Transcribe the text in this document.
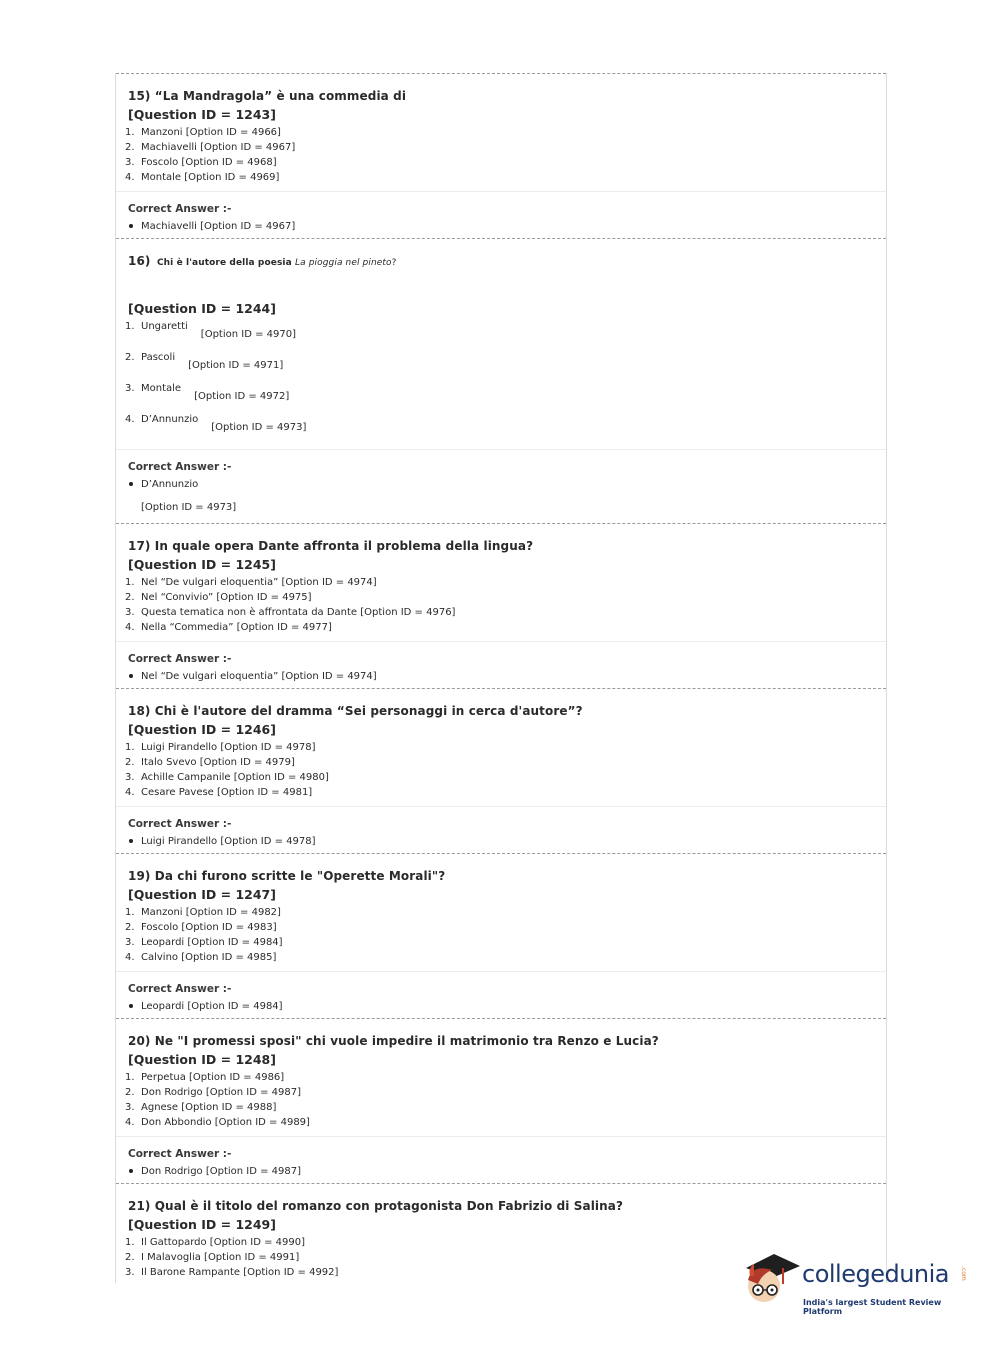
15) “La Mandragola” è una commedia di
[Question ID = 1243]
1. Manzoni [Option ID = 4966]
2. Machiavelli [Option ID = 4967]
3. Foscolo [Option ID = 4968]
4. Montale [Option ID = 4969]
Correct Answer :-
Machiavelli [Option ID = 4967]
16) Chi è l'autore della poesia La pioggia nel pineto?
[Question ID = 1244]
1. Ungaretti
[Option ID = 4970]
2. Pascoli
[Option ID = 4971]
3. Montale
[Option ID = 4972]
4. D’Annunzio
[Option ID = 4973]
Correct Answer :-
D’Annunzio
[Option ID = 4973]
17) In quale opera Dante affronta il problema della lingua?
[Question ID = 1245]
1. Nel “De vulgari eloquentia” [Option ID = 4974]
2. Nel “Convivio” [Option ID = 4975]
3. Questa tematica non è affrontata da Dante [Option ID = 4976]
4. Nella “Commedia” [Option ID = 4977]
Correct Answer :-
Nel “De vulgari eloquentia” [Option ID = 4974]
18) Chi è l'autore del dramma “Sei personaggi in cerca d'autore”?
[Question ID = 1246]
1. Luigi Pirandello [Option ID = 4978]
2. Italo Svevo [Option ID = 4979]
3. Achille Campanile [Option ID = 4980]
4. Cesare Pavese [Option ID = 4981]
Correct Answer :-
Luigi Pirandello [Option ID = 4978]
19) Da chi furono scritte le "Operette Morali"?
[Question ID = 1247]
1. Manzoni [Option ID = 4982]
2. Foscolo [Option ID = 4983]
3. Leopardi [Option ID = 4984]
4. Calvino [Option ID = 4985]
Correct Answer :-
Leopardi [Option ID = 4984]
20) Ne "I promessi sposi" chi vuole impedire il matrimonio tra Renzo e Lucia?
[Question ID = 1248]
1. Perpetua [Option ID = 4986]
2. Don Rodrigo [Option ID = 4987]
3. Agnese [Option ID = 4988]
4. Don Abbondio [Option ID = 4989]
Correct Answer :-
Don Rodrigo [Option ID = 4987]
21) Qual è il titolo del romanzo con protagonista Don Fabrizio di Salina?
[Question ID = 1249]
1. Il Gattopardo [Option ID = 4990]
2. I Malavoglia [Option ID = 4991]
3. Il Barone Rampante [Option ID = 4992]	collegedunia .com
India's largest Student Review Platform
